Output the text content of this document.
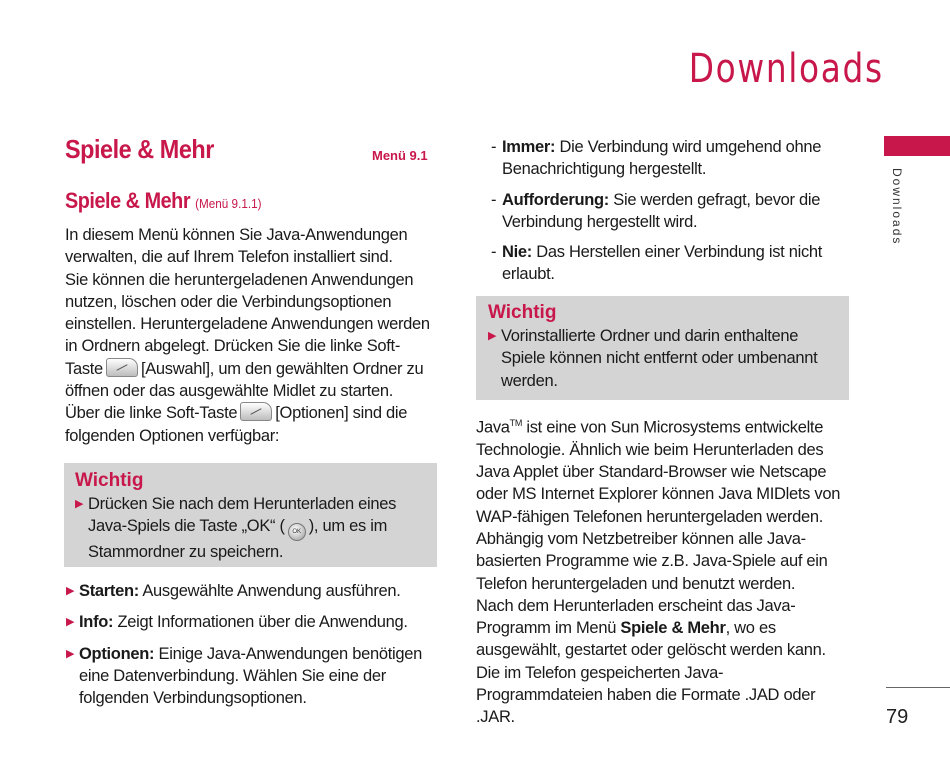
Downloads
Downloads
79
Spiele & Mehr	Menü 9.1
Spiele & Mehr (Menü 9.1.1)

In diesem Menü können Sie Java-Anwendungen verwalten, die auf Ihrem Telefon installiert sind.

Sie können die heruntergeladenen Anwendungen nutzen, löschen oder die Verbindungsoptionen einstellen. Heruntergeladene Anwendungen werden in Ordnern abgelegt. Drücken Sie die linke Soft-Taste [Auswahl], um den gewählten Ordner zu öffnen oder das ausgewählte Midlet zu starten.

Über die linke Soft-Taste [Optionen] sind die folgenden Optionen verfügbar:

Wichtig
▶ Drücken Sie nach dem Herunterladen eines Java-Spiels die Taste „OK“ ( OK ), um es im Stammordner zu speichern.
▶ Starten: Ausgewählte Anwendung ausführen.
▶ Info: Zeigt Informationen über die Anwendung.
▶ Optionen: Einige Java-Anwendungen benötigen eine Datenverbindung. Wählen Sie eine der folgenden Verbindungsoptionen.
- Immer: Die Verbindung wird umgehend ohne Benachrichtigung hergestellt.
- Aufforderung: Sie werden gefragt, bevor die Verbindung hergestellt wird.
- Nie: Das Herstellen einer Verbindung ist nicht erlaubt.
Wichtig
▶ Vorinstallierte Ordner und darin enthaltene Spiele können nicht entfernt oder umbenannt werden.

Java™ ist eine von Sun Microsystems entwickelte Technologie. Ähnlich wie beim Herunterladen des Java Applet über Standard-Browser wie Netscape oder MS Internet Explorer können Java MIDlets von WAP-fähigen Telefonen heruntergeladen werden. Abhängig vom Netzbetreiber können alle Java-basierten Programme wie z.B. Java-Spiele auf ein Telefon heruntergeladen und benutzt werden.

Nach dem Herunterladen erscheint das Java-Programm im Menü Spiele & Mehr, wo es ausgewählt, gestartet oder gelöscht werden kann.

Die im Telefon gespeicherten Java-Programmdateien haben die Formate .JAD oder .JAR.
